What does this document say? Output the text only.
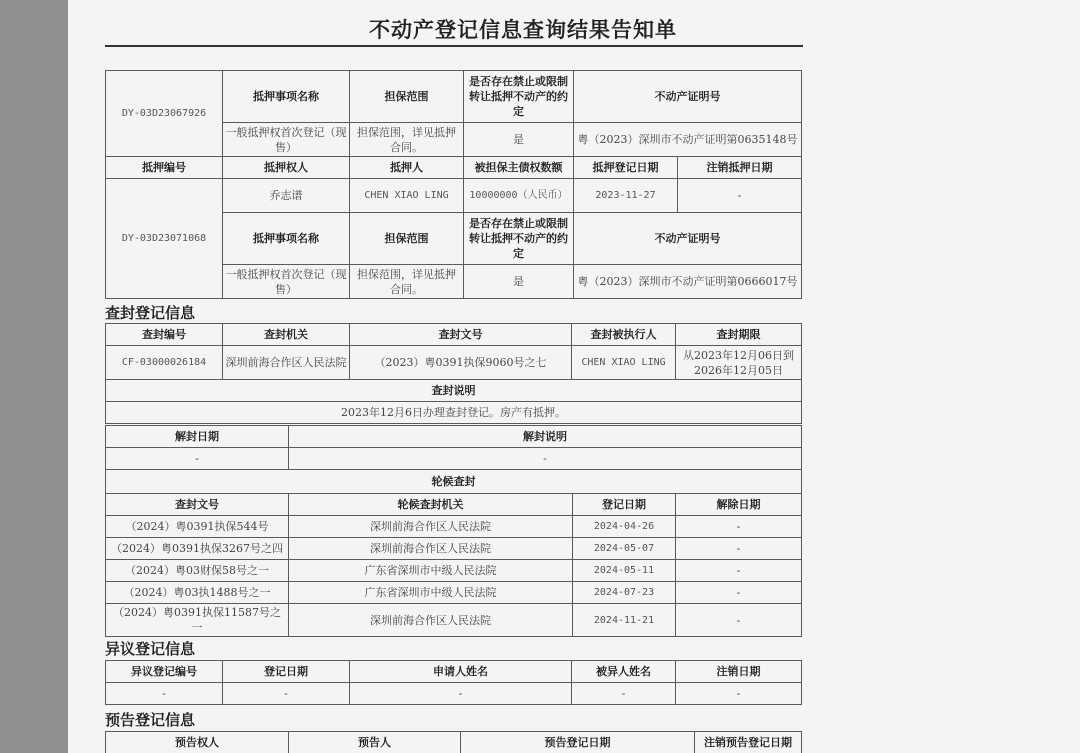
不动产登记信息查询结果告知单
DY-03D23067926	抵押事项名称	担保范围	是否存在禁止或限制转让抵押不动产的约定	不动产证明号	
	一般抵押权首次登记（现售）	担保范围，详见抵押合同。	是	粤（2023）深圳市不动产证明第0635148号	
抵押编号	抵押权人	抵押人	被担保主债权数额	抵押登记日期	注销抵押日期
DY-03D23071068	乔志谱	CHEN XIAO LING	10000000（人民币）	2023-11-27	-
	抵押事项名称	担保范围	是否存在禁止或限制转让抵押不动产的约定	不动产证明号	
	一般抵押权首次登记（现售）	担保范围，详见抵押合同。	是	粤（2023）深圳市不动产证明第0666017号	
查封登记信息
查封编号	查封机关	查封文号	查封被执行人	查封期限
CF-03000026184	深圳前海合作区人民法院	（2023）粤0391执保9060号之七	CHEN XIAO LING	从2023年12月06日到2026年12月05日
查封说明				
2023年12月6日办理查封登记。房产有抵押。				
解封日期	解封说明
-	-
轮候查封	
查封文号	轮候查封机关	登记日期	解除日期
（2024）粤0391执保544号	深圳前海合作区人民法院	2024-04-26	-
（2024）粤0391执保3267号之四	深圳前海合作区人民法院	2024-05-07	-
（2024）粤03财保58号之一	广东省深圳市中级人民法院	2024-05-11	-
（2024）粤03执1488号之一	广东省深圳市中级人民法院	2024-07-23	-
（2024）粤0391执保11587号之一	深圳前海合作区人民法院	2024-11-21	-
异议登记信息
异议登记编号	登记日期	申请人姓名	被异人姓名	注销日期
-	-	-	-	-
预告登记信息
预告权人	预告人	预告登记日期	注销预告登记日期
